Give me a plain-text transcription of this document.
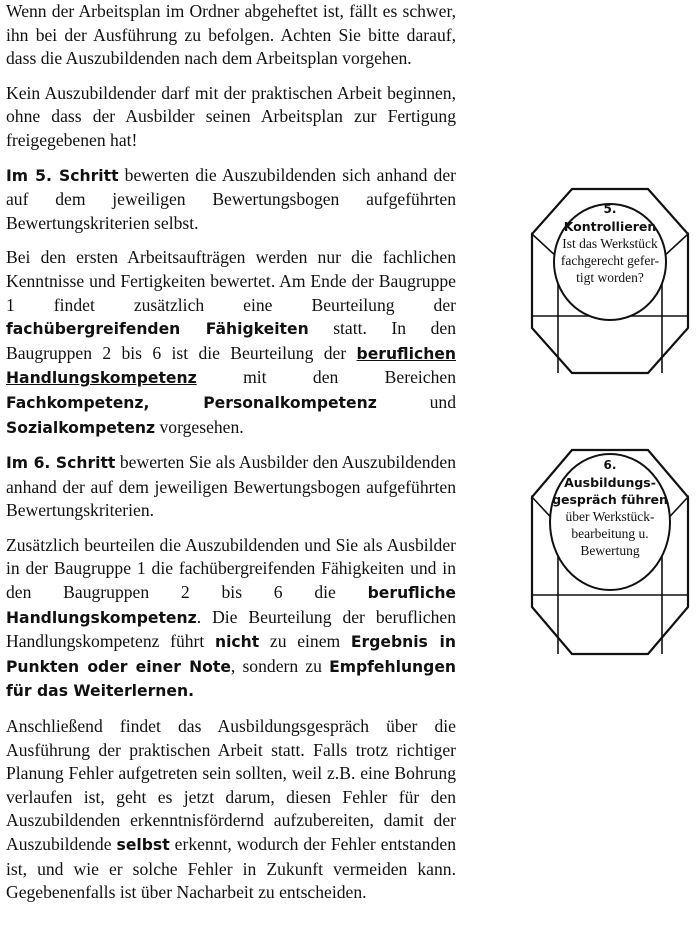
Wenn der Arbeitsplan im Ordner abgeheftet ist, fällt es schwer, ihn bei der Ausführung zu befolgen. Achten Sie bitte darauf, dass die Auszubildenden nach dem Arbeitsplan vorgehen.

Kein Auszubildender darf mit der praktischen Arbeit beginnen, ohne dass der Ausbilder seinen Arbeitsplan zur Fertigung freigegebenen hat!

Im 5. Schritt bewerten die Auszubildenden sich anhand der auf dem jeweiligen Bewertungsbogen aufgeführten Bewertungskriterien selbst.

Bei den ersten Arbeitsaufträgen werden nur die fachlichen Kenntnisse und Fertigkeiten bewertet. Am Ende der Baugruppe 1 findet zusätzlich eine Beurteilung der fachübergreifenden Fähigkeiten statt. In den Baugruppen 2 bis 6 ist die Beurteilung der beruflichen Handlungskompetenz mit den Bereichen Fachkompetenz, Personalkompetenz und Sozialkompetenz vorgesehen.

Im 6. Schritt bewerten Sie als Ausbilder den Auszubildenden anhand der auf dem jeweiligen Bewertungsbogen aufgeführten Bewertungskriterien.

Zusätzlich beurteilen die Auszubildenden und Sie als Ausbilder in der Baugruppe 1 die fachübergreifenden Fähigkeiten und in den Baugruppen 2 bis 6 die berufliche Handlungskompetenz. Die Beurteilung der beruflichen Handlungskompetenz führt nicht zu einem Ergebnis in Punkten oder einer Note, sondern zu Empfehlungen für das Weiterlernen.

Anschließend findet das Ausbildungsgespräch über die Ausführung der praktischen Arbeit statt. Falls trotz richtiger Planung Fehler aufgetreten sein sollten, weil z.B. eine Bohrung verlaufen ist, geht es jetzt darum, diesen Fehler für den Auszubildenden erkenntnisfördernd aufzubereiten, damit der Auszubildende selbst erkennt, wodurch der Fehler entstanden ist, und wie er solche Fehler in Zukunft vermeiden kann. Gegebenenfalls ist über Nacharbeit zu entscheiden.

5.
Kontrollieren
Ist das Werkstück
fachgerecht gefer-
tigt worden?
6.
Ausbildungs-
gespräch führen
über Werkstück-
bearbeitung u.
Bewertung
